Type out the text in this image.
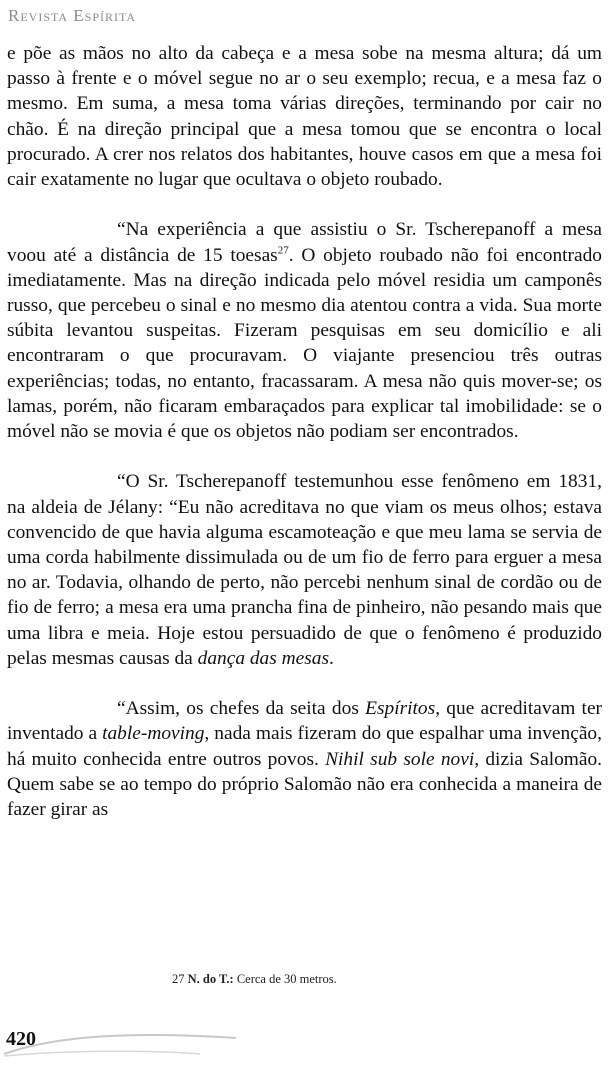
Revista Espírita

e põe as mãos no alto da cabeça e a mesa sobe na mesma altura; dá um passo à frente e o móvel segue no ar o seu exemplo; recua, e a mesa faz o mesmo. Em suma, a mesa toma várias direções, terminando por cair no chão. É na direção principal que a mesa tomou que se encontra o local procurado. A crer nos relatos dos habitantes, houve casos em que a mesa foi cair exatamente no lugar que ocultava o objeto roubado.

“Na experiência a que assistiu o Sr. Tscherepanoff a mesa voou até a distância de 15 toesas$^{27}$. O objeto roubado não foi encontrado imediatamente. Mas na direção indicada pelo móvel residia um camponês russo, que percebeu o sinal e no mesmo dia atentou contra a vida. Sua morte súbita levantou suspeitas. Fizeram pesquisas em seu domicílio e ali encontraram o que procuravam. O viajante presenciou três outras experiências; todas, no entanto, fracassaram. A mesa não quis mover-se; os lamas, porém, não ficaram embaraçados para explicar tal imobilidade: se o móvel não se movia é que os objetos não podiam ser encontrados.

“O Sr. Tscherepanoff testemunhou esse fenômeno em 1831, na aldeia de Jélany: “Eu não acreditava no que viam os meus olhos; estava convencido de que havia alguma escamoteação e que meu lama se servia de uma corda habilmente dissimulada ou de um fio de ferro para erguer a mesa no ar. Todavia, olhando de perto, não percebi nenhum sinal de cordão ou de fio de ferro; a mesa era uma prancha fina de pinheiro, não pesando mais que uma libra e meia. Hoje estou persuadido de que o fenômeno é produzido pelas mesmas causas da dança das mesas.

“Assim, os chefes da seita dos Espíritos, que acreditavam ter inventado a table-moving, nada mais fizeram do que espalhar uma invenção, há muito conhecida entre outros povos. Nihil sub sole novi, dizia Salomão. Quem sabe se ao tempo do próprio Salomão não era conhecida a maneira de fazer girar as

27 N. do T.: Cerca de 30 metros.
420
